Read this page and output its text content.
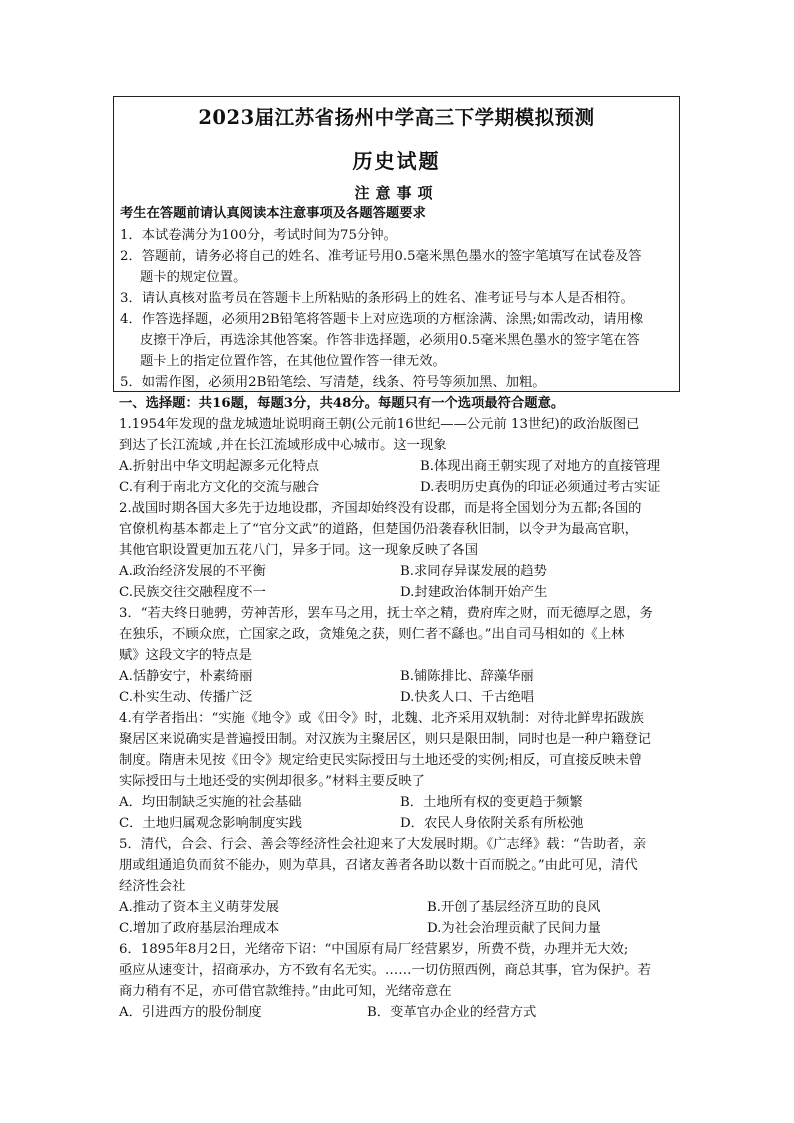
2023届江苏省扬州中学高三下学期模拟预测
历史试题
注意事项
考生在答题前请认真阅读本注意事项及各题答题要求
1．本试卷满分为100分，考试时间为75分钟。
2．答题前，请务必将自己的姓名、准考证号用0.5毫米黑色墨水的签字笔填写在试卷及答
题卡的规定位置。
3．请认真核对监考员在答题卡上所粘贴的条形码上的姓名、准考证号与本人是否相符。
4．作答选择题，必须用2B铅笔将答题卡上对应选项的方框涂满、涂黑;如需改动，请用橡
皮擦干净后，再选涂其他答案。作答非选择题，必须用0.5毫米黑色墨水的签字笔在答
题卡上的指定位置作答，在其他位置作答一律无效。
5．如需作图，必须用2B铅笔绘、写清楚，线条、符号等须加黑、加粗。
一、选择题：共16题，每题3分，共48分。每题只有一个选项最符合题意。
1.1954年发现的盘龙城遗址说明商王朝(公元前16世纪——公元前 13世纪)的政治版图已
到达了长江流域 ,并在长江流域形成中心城市。这一现象
A.折射出中华文明起源多元化特点	B.体现出商王朝实现了对地方的直接管理
C.有利于南北方文化的交流与融合	D.表明历史真伪的印证必须通过考古实证
2.战国时期各国大多先于边地设郡，齐国却始终没有设郡，而是将全国划分为五都;各国的
官僚机构基本都走上了“官分文武”的道路，但楚国仍沿袭春秋旧制，以令尹为最高官职，
其他官职设置更加五花八门，异多于同。这一现象反映了各国
A.政治经济发展的不平衡	B.求同存异谋发展的趋势
C.民族交往交融程度不一	D.封建政治体制开始产生
3．“若夫终日驰骋，劳神苦形，罢车马之用，抚士卒之精，费府库之财，而无德厚之恩，务
在独乐，不顾众庶，亡国家之政，贪雉兔之获，则仁者不繇也。”出自司马相如的《上林
赋》这段文字的特点是
A.恬静安宁，朴素绮丽	B.铺陈排比、辞藻华丽
C.朴实生动、传播广泛	D.快炙人口、千古绝唱
4.有学者指出：“实施《地令》或《田令》时，北魏、北齐采用双轨制：对待北鲜卑拓跋族
聚居区来说确实是普遍授田制。对汉族为主聚居区，则只是限田制，同时也是一种户籍登记
制度。隋唐未见按《田令》规定给吏民实际授田与土地还受的实例;相反，可直接反映未曾
实际授田与土地还受的实例却很多。”材料主要反映了
A．均田制缺乏实施的社会基础	B．土地所有权的变更趋于频繁
C．土地归属观念影响制度实践	D．农民人身依附关系有所松弛
5．清代，合会、行会、善会等经济性会社迎来了大发展时期。《广志绎》载：“告助者，亲
朋或组通追负而贫不能办，则为草具，召诸友善者各助以数十百而脱之。”由此可见，清代
经济性会社
A.推动了资本主义萌芽发展	B.开创了基层经济互助的良风
C.增加了政府基层治理成本	D.为社会治理贡献了民间力量
6．1895年8月2日，光绪帝下诏：“中国原有局厂经营累岁，所费不赀，办理并无大效;
亟应从速变计，招商承办，方不致有名无实。……一切仿照西例，商总其事，官为保护。若
商力稍有不足，亦可借官款维持。”由此可知，光绪帝意在
A．引进西方的股份制度	B．变革官办企业的经营方式
